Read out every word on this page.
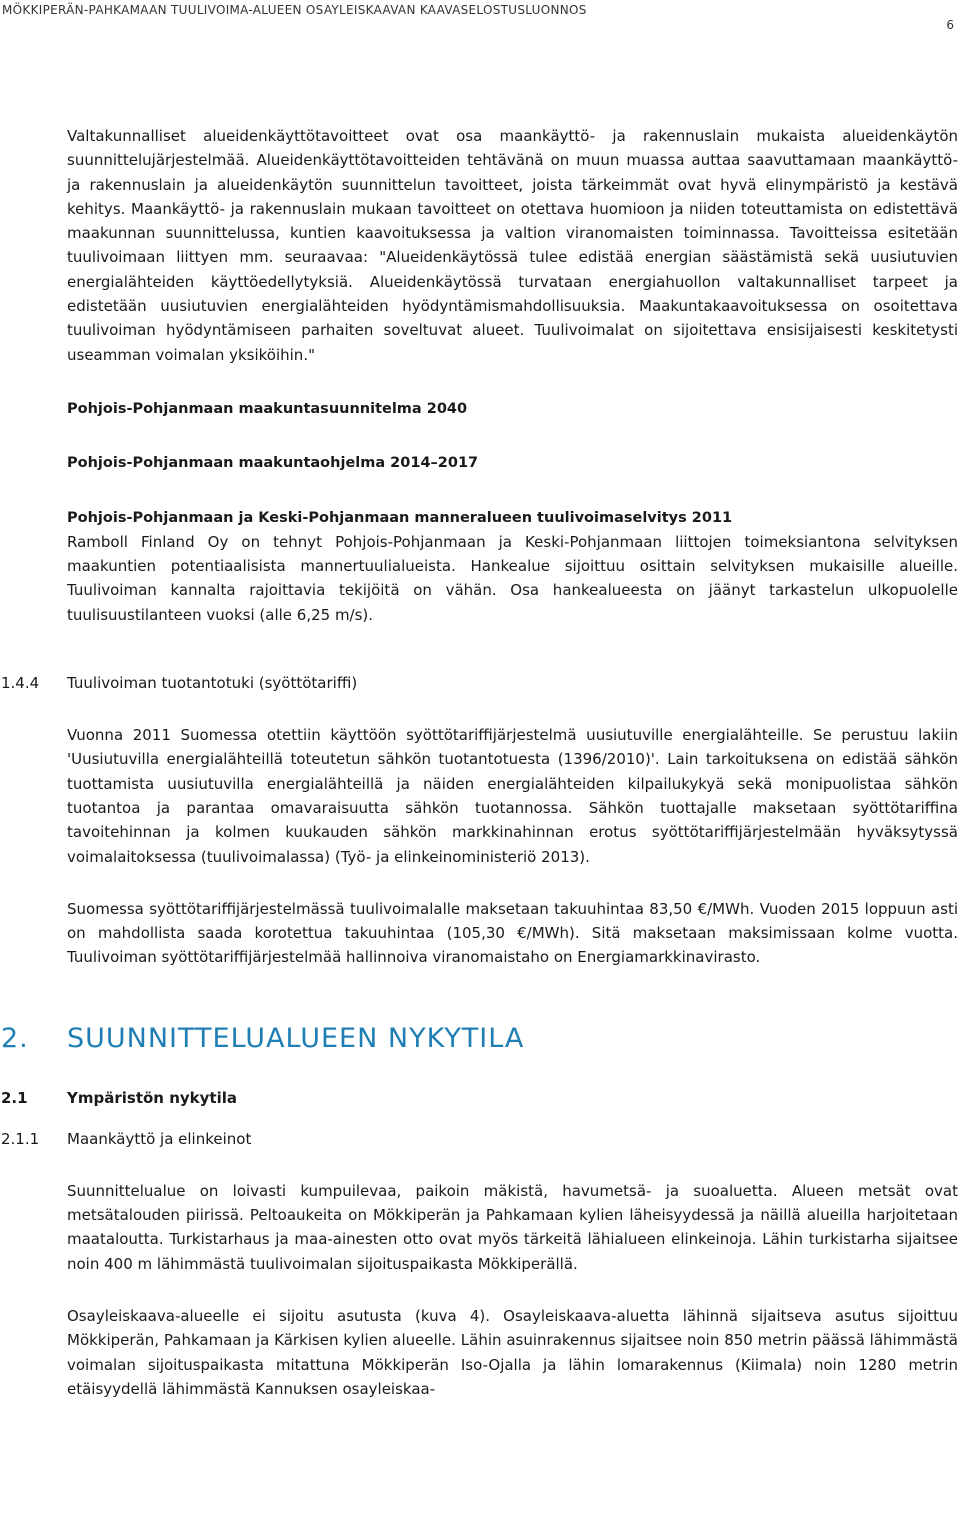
MÖKKIPERÄN-PAHKAMAAN TUULIVOIMA-ALUEEN OSAYLEISKAAVAN KAAVASELOSTUSLUONNOS
6

Valtakunnalliset alueidenkäyttötavoitteet ovat osa maankäyttö- ja rakennuslain mukaista alueidenkäytön suunnittelujärjestelmää. Alueidenkäyttötavoitteiden tehtävänä on muun muassa auttaa saavuttamaan maankäyttö- ja rakennuslain ja alueidenkäytön suunnittelun tavoitteet, joista tärkeimmät ovat hyvä elinympäristö ja kestävä kehitys. Maankäyttö- ja rakennuslain mukaan tavoitteet on otettava huomioon ja niiden toteuttamista on edistettävä maakunnan suunnittelussa, kuntien kaavoituksessa ja valtion viranomaisten toiminnassa. Tavoitteissa esitetään tuulivoimaan liittyen mm. seuraavaa: "Alueidenkäytössä tulee edistää energian säästämistä sekä uusiutuvien energialähteiden käyttöedellytyksiä. Alueidenkäytössä turvataan energiahuollon valtakunnalliset tarpeet ja edistetään uusiutuvien energialähteiden hyödyntämismahdollisuuksia. Maakuntakaavoituksessa on osoitettava tuulivoiman hyödyntämiseen parhaiten soveltuvat alueet. Tuulivoimalat on sijoitettava ensisijaisesti keskitetysti useamman voimalan yksiköihin."

Pohjois-Pohjanmaan maakuntasuunnitelma 2040

Pohjois-Pohjanmaan maakuntaohjelma 2014–2017

Pohjois-Pohjanmaan ja Keski-Pohjanmaan manneralueen tuulivoimaselvitys 2011

Ramboll Finland Oy on tehnyt Pohjois-Pohjanmaan ja Keski-Pohjanmaan liittojen toimeksiantona selvityksen maakuntien potentiaalisista mannertuulialueista. Hankealue sijoittuu osittain selvityksen mukaisille alueille. Tuulivoiman kannalta rajoittavia tekijöitä on vähän. Osa hankealueesta on jäänyt tarkastelun ulkopuolelle tuulisuustilanteen vuoksi (alle 6,25 m/s).

1.4.4	Tuulivoiman tuotantotuki (syöttötariffi)

Vuonna 2011 Suomessa otettiin käyttöön syöttötariffijärjestelmä uusiutuville energialähteille. Se perustuu lakiin 'Uusiutuvilla energialähteillä toteutetun sähkön tuotantotuesta (1396/2010)'. Lain tarkoituksena on edistää sähkön tuottamista uusiutuvilla energialähteillä ja näiden energialähteiden kilpailukykyä sekä monipuolistaa sähkön tuotantoa ja parantaa omavaraisuutta sähkön tuotannossa. Sähkön tuottajalle maksetaan syöttötariffina tavoitehinnan ja kolmen kuukauden sähkön markkinahinnan erotus syöttötariffijärjestelmään hyväksytyssä voimalaitoksessa (tuulivoimalassa) (Työ- ja elinkeinoministeriö 2013).

Suomessa syöttötariffijärjestelmässä tuulivoimalalle maksetaan takuuhintaa 83,50 €/MWh. Vuoden 2015 loppuun asti on mahdollista saada korotettua takuuhintaa (105,30 €/MWh). Sitä maksetaan maksimissaan kolme vuotta. Tuulivoiman syöttötariffijärjestelmää hallinnoiva viranomaistaho on Energiamarkkinavirasto.

2.	SUUNNITTELUALUEEN NYKYTILA
2.1	Ympäristön nykytila
2.1.1	Maankäyttö ja elinkeinot

Suunnittelualue on loivasti kumpuilevaa, paikoin mäkistä, havumetsä- ja suoaluetta. Alueen metsät ovat metsätalouden piirissä. Peltoaukeita on Mökkiperän ja Pahkamaan kylien läheisyydessä ja näillä alueilla harjoitetaan maataloutta. Turkistarhaus ja maa-ainesten otto ovat myös tärkeitä lähialueen elinkeinoja. Lähin turkistarha sijaitsee noin 400 m lähimmästä tuulivoimalan sijoituspaikasta Mökkiperällä.

Osayleiskaava-alueelle ei sijoitu asutusta (kuva 4). Osayleiskaava-aluetta lähinnä sijaitseva asutus sijoittuu Mökkiperän, Pahkamaan ja Kärkisen kylien alueelle. Lähin asuinrakennus sijaitsee noin 850 metrin päässä lähimmästä voimalan sijoituspaikasta mitattuna Mökkiperän Iso-Ojalla ja lähin lomarakennus (Kiimala) noin 1280 metrin etäisyydellä lähimmästä Kannuksen osayleiskaa-
